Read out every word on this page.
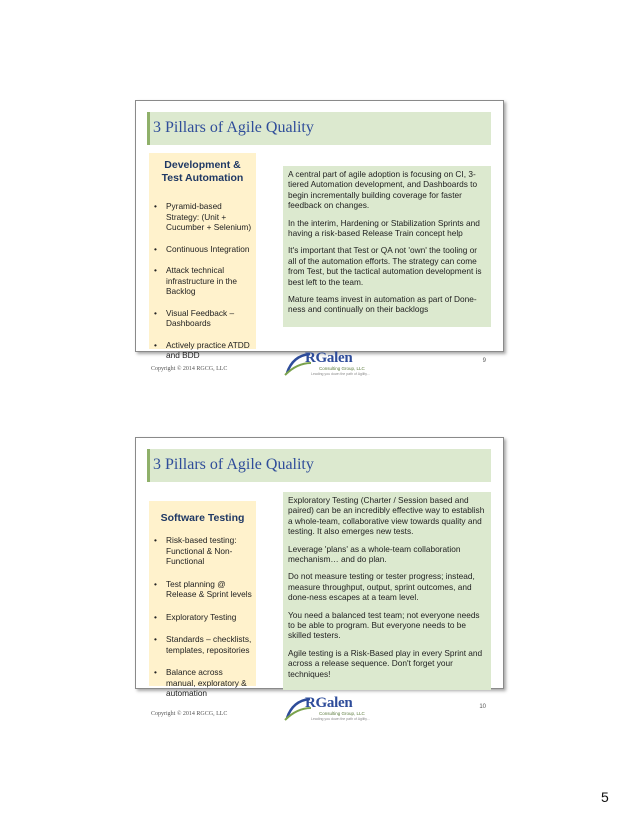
3 Pillars of Agile Quality
Development & Test Automation
• Pyramid-based Strategy: (Unit + Cucumber + Selenium)
• Continuous Integration
• Attack technical infrastructure in the Backlog
• Visual Feedback – Dashboards
• Actively practice ATDD and BDD

A central part of agile adoption is focusing on CI, 3-tiered Automation development, and Dashboards to begin incrementally building coverage for faster feedback on changes.

In the interim, Hardening or Stabilization Sprints and having a risk-based Release Train concept help

It's important that Test or QA not 'own' the tooling or all of the automation efforts. The strategy can come from Test, but the tactical automation development is best left to the team.

Mature teams invest in automation as part of Done-ness and continually on their backlogs

9
Copyright © 2014 RGCG, LLC
RGalen
Consulting Group, LLC
Leading you down the path of Agility...
3 Pillars of Agile Quality
Software Testing
• Risk-based testing: Functional & Non-Functional
• Test planning @ Release & Sprint levels
• Exploratory Testing
• Standards – checklists, templates, repositories
• Balance across manual, exploratory & automation

Exploratory Testing (Charter / Session based and paired) can be an incredibly effective way to establish a whole-team, collaborative view towards quality and testing. It also emerges new tests.

Leverage 'plans' as a whole-team collaboration mechanism… and do plan.

Do not measure testing or tester progress; instead, measure throughput, output, sprint outcomes, and done-ness escapes at a team level.

You need a balanced test team; not everyone needs to be able to program. But everyone needs to be skilled testers.

Agile testing is a Risk-Based play in every Sprint and across a release sequence. Don't forget your techniques!

10
Copyright © 2014 RGCG, LLC
RGalen
Consulting Group, LLC
Leading you down the path of Agility...
5
